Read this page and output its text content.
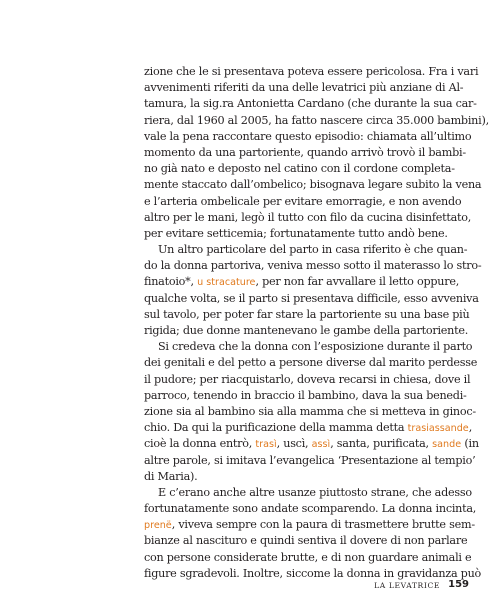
zione che le si presentava poteva essere pericolosa. Fra i vari
avvenimenti riferiti da una delle levatrici più anziane di Al-
tamura, la sig.ra Antonietta Cardano (che durante la sua car-
riera, dal 1960 al 2005, ha fatto nascere circa 35.000 bambini),
vale la pena raccontare questo episodio: chiamata all’ultimo
momento da una partoriente, quando arrivò trovò il bambi-
no già nato e deposto nel catino con il cordone completa-
mente staccato dall’ombelico; bisognava legare subito la vena
e l’arteria ombelicale per evitare emorragie, e non avendo
altro per le mani, legò il tutto con filo da cucina disinfettato,
per evitare setticemia; fortunatamente tutto andò bene.
Un altro particolare del parto in casa riferito è che quan-
do la donna partoriva, veniva messo sotto il materasso lo stro-
finatoio*, u stracature, per non far avvallare il letto oppure,
qualche volta, se il parto si presentava difficile, esso avveniva
sul tavolo, per poter far stare la partoriente su una base più
rigida; due donne mantenevano le gambe della partoriente.
Si credeva che la donna con l’esposizione durante il parto
dei genitali e del petto a persone diverse dal marito perdesse
il pudore; per riacquistarlo, doveva recarsi in chiesa, dove il
parroco, tenendo in braccio il bambino, dava la sua benedi-
zione sia al bambino sia alla mamma che si metteva in ginoc-
chio. Da qui la purificazione della mamma detta trasiassande,
cioè la donna entrò, trasì, uscì, assì, santa, purificata, sande (in
altre parole, si imitava l’evangelica ‘Presentazione al tempio’
di Maria).
E c’erano anche altre usanze piuttosto strane, che adesso
fortunatamente sono andate scomparendo. La donna incinta,
prenë, viveva sempre con la paura di trasmettere brutte sem-
bianze al nascituro e quindi sentiva il dovere di non parlare
con persone considerate brutte, e di non guardare animali e
figure sgradevoli. Inoltre, siccome la donna in gravidanza può
LA LEVATRICE 159
